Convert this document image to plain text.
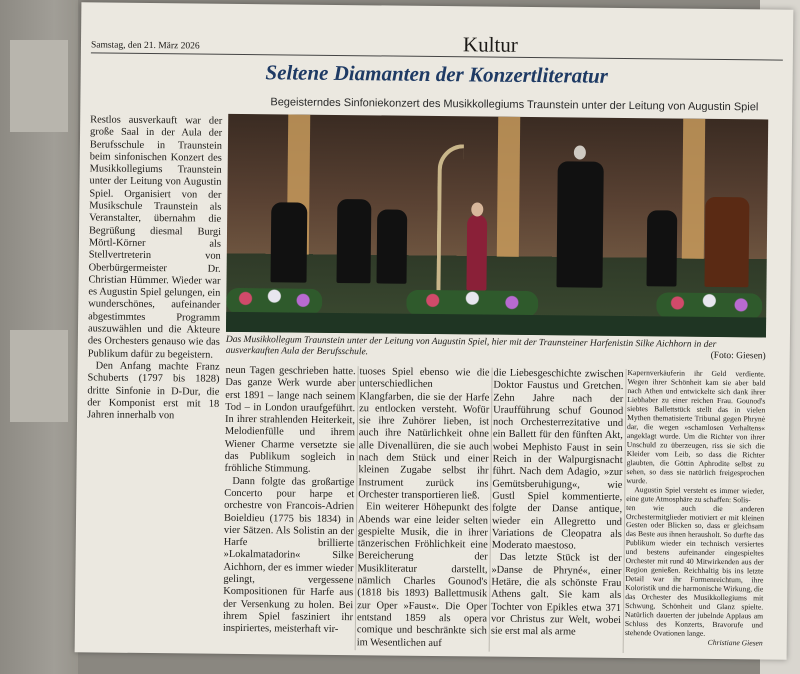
Samstag, den 21. März 2026	Kultur
Seltene Diamanten der Konzertliteratur
Begeisterndes Sinfoniekonzert des Musikkollegiums Traunstein unter der Leitung von Augustin Spiel

Restlos ausverkauft war der große Saal in der Aula der Berufsschule in Traunstein beim sinfonischen Konzert des Musikkollegiums Traunstein unter der Leitung von Augustin Spiel. Organisiert von der Musikschule Traunstein als Veranstalter, übernahm die Begrüßung diesmal Burgi Mörtl-Körner als Stellvertreterin von Oberbürgermeister Dr. Christian Hümmer. Wieder war es Augustin Spiel gelungen, ein wunderschönes, aufeinander abgestimmtes Programm auszuwählen und die Akteure des Orchesters genauso wie das Publikum dafür zu begeistern.

Den Anfang machte Franz Schuberts (1797 bis 1828) dritte Sinfonie in D-Dur, die der Komponist erst mit 18 Jahren innerhalb von

Das Musikkollegum Traunstein unter der Leitung von Augustin Spiel, hier mit der Traunsteiner Harfenistin Silke Aichhorn in der ausverkauften Aula der Berufsschule.	(Foto: Giesen)

neun Tagen geschrieben hatte. Das ganze Werk wurde aber erst 1891 – lange nach seinem Tod – in London uraufgeführt. In ihrer strahlenden Heiterkeit, Melodienfülle und ihrem Wiener Charme versetzte sie das Publikum sogleich in fröhliche Stimmung.

Dann folgte das großartige Concerto pour harpe et orchestre von Francois-Adrien Boieldieu (1775 bis 1834) in vier Sätzen. Als Solistin an der Harfe brillierte »Lokalmatadorin« Silke Aichhorn, der es immer wieder gelingt, vergessene Kompositionen für Harfe aus der Versenkung zu holen. Bei ihrem Spiel fasziniert ihr inspiriertes, meisterhaft vir-

tuoses Spiel ebenso wie die unterschiedlichen Klangfarben, die sie der Harfe zu entlocken versteht. Wofür sie ihre Zuhörer lieben, ist auch ihre Natürlichkeit ohne alle Divenallüren, die sie auch nach dem Stück und einer kleinen Zugabe selbst ihr Instrument zurück ins Orchester transportieren ließ.

Ein weiterer Höhepunkt des Abends war eine leider selten gespielte Musik, die in ihrer tänzerischen Fröhlichkeit eine Bereicherung der Musikliteratur darstellt, nämlich Charles Gounod's (1818 bis 1893) Ballettmusik zur Oper »Faust«. Die Oper entstand 1859 als opera comique und beschränkte sich im Wesentlichen auf

die Liebesgeschichte zwischen Doktor Faustus und Gretchen. Zehn Jahre nach der Uraufführung schuf Gounod noch Orchesterrezitative und ein Ballett für den fünften Akt, wobei Mephisto Faust in sein Reich in der Walpurgisnacht führt. Nach dem Adagio, »zur Gemütsberuhigung«, wie Gustl Spiel kommentierte, folgte der Danse antique, wieder ein Allegretto und Variations de Cleopatra als Moderato maestoso.

Das letzte Stück ist der »Danse de Phryné«, einer Hetäre, die als schönste Frau Athens galt. Sie kam als Tochter von Epikles etwa 371 vor Christus zur Welt, wobei sie erst mal als arme

Kapernverkäuferin ihr Geld verdiente. Wegen ihrer Schönheit kam sie aber bald nach Athen und entwickelte sich dank ihrer Liebhaber zu einer reichen Frau. Gounod's siebtes Ballettstück stellt das in vielen Mythen thematisierte Tribunal gegen Phrynė dar, die wegen »schamlosen Verhaltens« angeklagt wurde. Um die Richter von ihrer Unschuld zu überzeugen, riss sie sich die Kleider vom Leib, so dass die Richter glaubten, die Göttin Aphrodite selbst zu sehen, so dass sie natürlich freigesprochen wurde.

Augustin Spiel versteht es immer wieder, eine gute Atmosphäre zu schaffen: Solis-

ten wie auch die anderen Orchestermitglieder motiviert er mit kleinen Gesten oder Blicken so, dass er gleichsam das Beste aus ihnen herausholt. So durfte das Publikum wieder ein technisch versiertes und bestens aufeinander eingespieltes Orchester mit rund 40 Mitwirkenden aus der Region genießen. Reichhaltig bis ins letzte Detail war ihr Formenreichtum, ihre Koloristik und die harmonische Wirkung, die das Orchester des Musikkollegiums mit Schwung, Schönheit und Glanz spielte. Natürlich dauerten der jubelnde Applaus am Schluss des Konzerts, Bravorufe und stehende Ovationen lange.

Christiane Giesen
